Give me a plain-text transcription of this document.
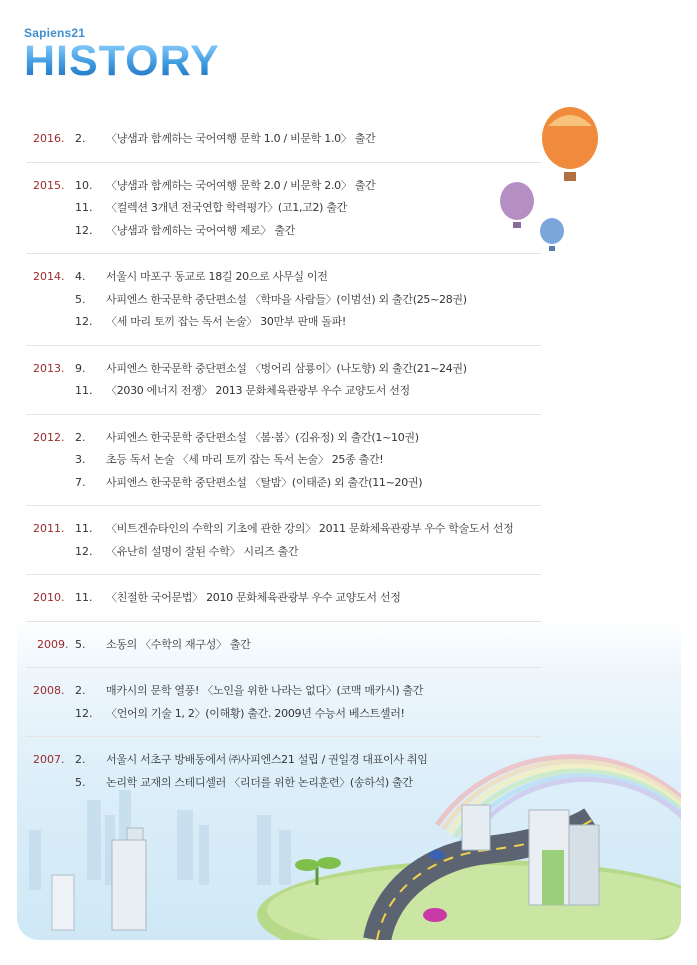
Sapiens21
HISTORY
2016. 2. 〈냥샘과 함께하는 국어여행 문학 1.0 / 비문학 1.0〉 출간
2015. 10. 〈냥샘과 함께하는 국어여행 문학 2.0 / 비문학 2.0〉 출간
11. 〈컬렉션 3개년 전국연합 학력평가〉(고1,고2) 출간
12. 〈냥샘과 함께하는 국어여행 제로〉 출간
2014. 4. 서울시 마포구 동교로 18길 20으로 사무실 이전
5. 사피엔스 한국문학 중단편소설 〈학마을 사람들〉(이범선) 외 출간(25~28권)
12. 〈세 마리 토끼 잡는 독서 논술〉 30만부 판매 돌파!
2013. 9. 사피엔스 한국문학 중단편소설 〈벙어리 삼룡이〉(나도향) 외 출간(21~24권)
11. 〈2030 에너지 전쟁〉 2013 문화체육관광부 우수 교양도서 선정
2012. 2. 사피엔스 한국문학 중단편소설 〈봄·봄〉(김유정) 외 출간(1~10권)
3. 초등 독서 논술 〈세 마리 토끼 잡는 독서 논술〉 25종 출간!
7. 사피엔스 한국문학 중단편소설 〈탈밤〉(이태준) 외 출간(11~20권)
2011. 11. 〈비트겐슈타인의 수학의 기초에 관한 강의〉 2011 문화체육관광부 우수 학술도서 선정
12. 〈유난히 설명이 잘된 수학〉 시리즈 출간
2010. 11. 〈친절한 국어문법〉 2010 문화체육관광부 우수 교양도서 선정
2009. 5. 소동의 〈수학의 재구성〉 출간
2008. 2. 매카시의 문학 열풍! 〈노인을 위한 나라는 없다〉(코맥 매카시) 출간
12. 〈언어의 기술 1, 2〉(이해황) 출간. 2009년 수능서 베스트셀러!
2007. 2. 서울시 서초구 방배동에서 ㈜사피엔스21 설립 / 권일경 대표이사 취임
5. 논리학 교재의 스테디셀러 〈리더를 위한 논리훈련〉(송하석) 출간
